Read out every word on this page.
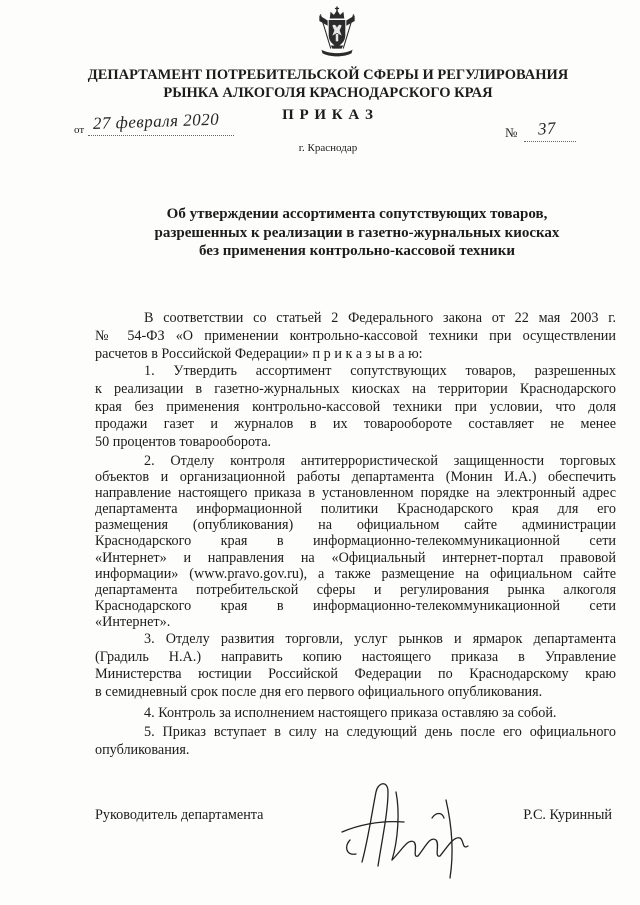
ДЕПАРТАМЕНТ ПОТРЕБИТЕЛЬСКОЙ СФЕРЫ И РЕГУЛИРОВАНИЯ
РЫНКА АЛКОГОЛЯ КРАСНОДАРСКОГО КРАЯ
П Р И К А З
от 27 февраля 2020	№ 37
г. Краснодар
Об утверждении ассортимента сопутствующих товаров,
разрешенных к реализации в газетно-журнальных киосках
без применения контрольно-кассовой техники
В соответствии со статьей 2 Федерального закона от 22 мая 2003 г.
№ 54-ФЗ «О применении контрольно-кассовой техники при осуществлении
расчетов в Российской Федерации» п р и к а з ы в а ю:
1. Утвердить ассортимент сопутствующих товаров, разрешенных
к реализации в газетно-журнальных киосках на территории Краснодарского
края без применения контрольно-кассовой техники при условии, что доля
продажи газет и журналов в их товарообороте составляет не менее
50 процентов товарооборота.
2. Отделу контроля антитеррористической защищенности торговых
объектов и организационной работы департамента (Монин И.А.) обеспечить
направление настоящего приказа в установленном порядке на электронный адрес
департамента информационной политики Краснодарского края для его
размещения (опубликования) на официальном сайте администрации
Краснодарского края в информационно-телекоммуникационной сети
«Интернет» и направления на «Официальный интернет-портал правовой
информации» (www.pravo.gov.ru), а также размещение на официальном сайте
департамента потребительской сферы и регулирования рынка алкоголя
Краснодарского края в информационно-телекоммуникационной сети
«Интернет».
3. Отделу развития торговли, услуг рынков и ярмарок департамента
(Градиль Н.А.) направить копию настоящего приказа в Управление
Министерства юстиции Российской Федерации по Краснодарскому краю
в семидневный срок после дня его первого официального опубликования.
4. Контроль за исполнением настоящего приказа оставляю за собой.
5. Приказ вступает в силу на следующий день после его официального
опубликования.
Руководитель департамента	Р.С. Куринный
